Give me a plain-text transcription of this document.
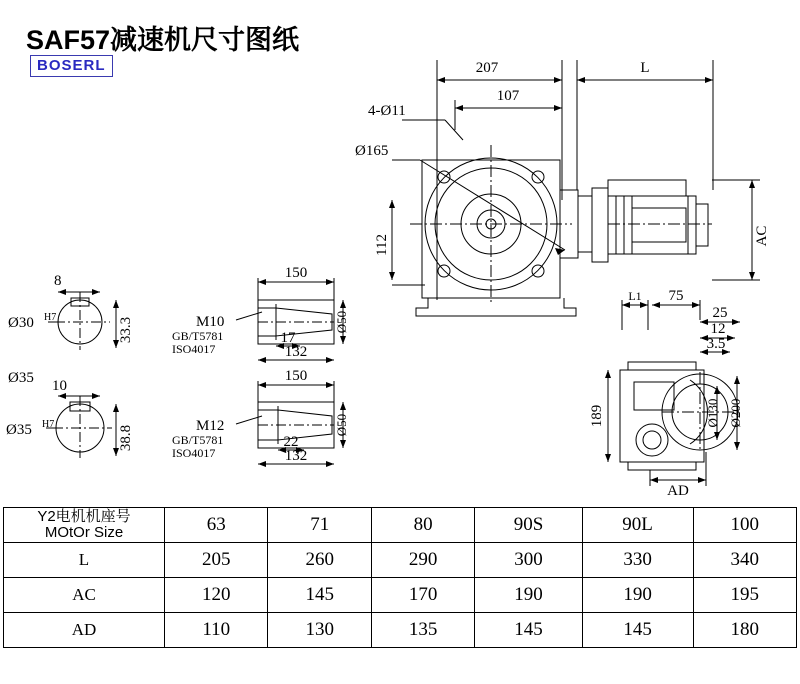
SAF57减速机尺寸图纸
BOSERL	207	L
107
4-Ø11
Ø165
112	AC
L1 75
25
12
3.5
189	Ø130 Ø200
AD
8
Ø30 H7	33.3
Ø35 10
Ø35 H7
38.8
150
M10
GB/T5781
ISO4017
17
132
Ø50
150
M12
GB/T5781
ISO4017
22
132
Ø50
Y2电机机座号
MOtOr Size	63	71	80	90S	90L	100
L	205	260	290	300	330	340
AC	120	145	170	190	190	195
AD	110	130	135	145	145	180
